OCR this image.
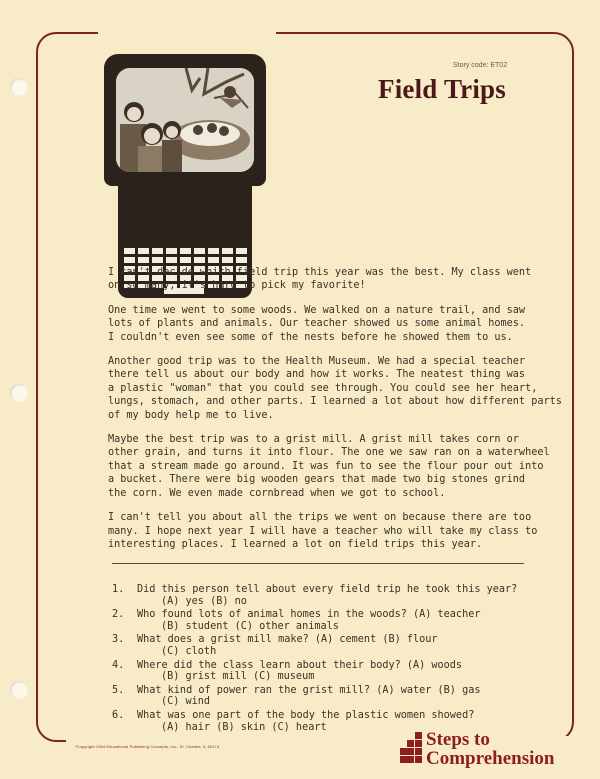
Story code: ET02
Field Trips

I can't decide which field trip this year was the best. My class went
on so many, it's hard to pick my favorite!

One time we went to some woods. We walked on a nature trail, and saw
lots of plants and animals. Our teacher showed us some animal homes.
I couldn't even see some of the nests before he showed them to us.

Another good trip was to the Health Museum. We had a special teacher
there tell us about our body and how it works. The neatest thing was
a plastic "woman" that you could see through. You could see her heart,
lungs, stomach, and other parts. I learned a lot about how different parts
of my body help me to live.

Maybe the best trip was to a grist mill. A grist mill takes corn or
other grain, and turns it into flour. The one we saw ran on a waterwheel
that a stream made go around. It was fun to see the flour pour out into
a bucket. There were big wooden gears that made two big stones grind
the corn. We even made cornbread when we got to school.

I can't tell you about all the trips we went on because there are too
many. I hope next year I will have a teacher who will take my class to
interesting places. I learned a lot on field trips this year.

1.	Did this person tell about every field trip he took this year?
(A) yes (B) no
2.	Who found lots of animal homes in the woods? (A) teacher
(B) student (C) other animals
3.	What does a grist mill make? (A) cement (B) flour
(C) cloth
4.	Where did the class learn about their body? (A) woods
(B) grist mill (C) museum
5.	What kind of power ran the grist mill? (A) water (B) gas
(C) wind
6.	What was one part of the body the plastic women showed?
(A) hair (B) skin (C) heart
*Copyright 1984 Educational Publishing Concepts, Inc., St. Charles, IL 60174	Steps to
Comprehension
